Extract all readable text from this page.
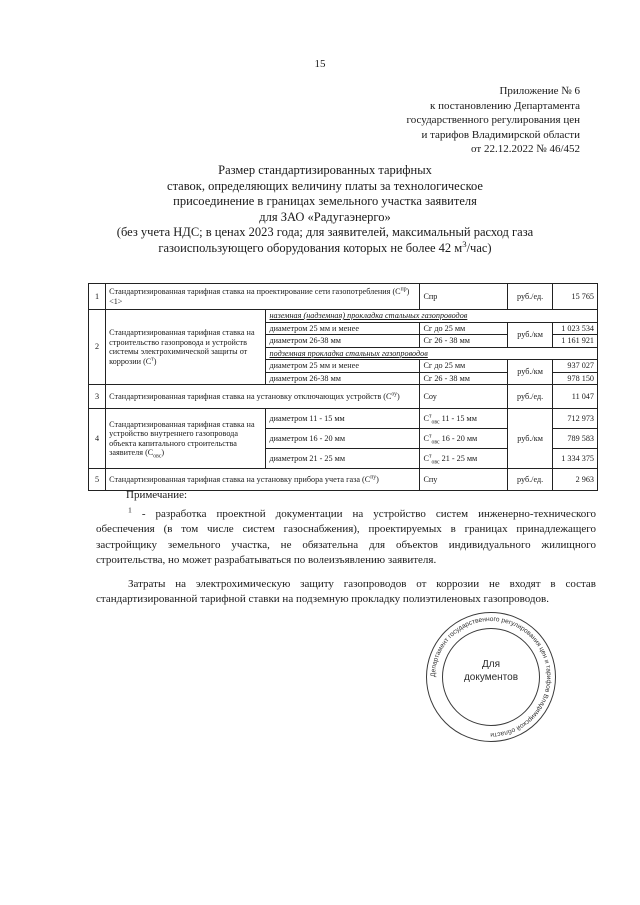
15
Приложение № 6
к постановлению Департамента
государственного регулирования цен
и тарифов Владимирской области
от 22.12.2022 № 46/452
Размер стандартизированных тарифных
ставок, определяющих величину платы за технологическое
присоединение в границах земельного участка заявителя
для ЗАО «Радугаэнерго»
(без учета НДС; в ценах 2023 года; для заявителей, максимальный расход газа
газоиспользующего оборудования которых не более 42 $м^3/час$)
1	Стандартизированная тарифная ставка на проектирование сети газопотребления $(С^{пр}) <1>$		Спр	руб./ед.	15 765
2	Стандартизированная тарифная ставка на строительство газопровода и устройств системы электрохимической защиты от коррозии $(С^т)$	наземная (надземная) прокладка стальных газопроводов			
		диаметром 25 мм и менее	Сг до 25 мм	руб./км	1 023 534
		диаметром 26-38 мм	Сг 26 - 38 мм		1 161 921
		подземная прокладка стальных газопроводов			
		диаметром 25 мм и менее	Сг до 25 мм	руб./км	937 027
		диаметром 26-38 мм	Сг 26 - 38 мм		978 150
3	Стандартизированная тарифная ставка на установку отключающих устройств $(С^{оу})$		Соу	руб./ед.	11 047
4	Стандартизированная тарифная ставка на устройство внутреннего газопровода объекта капитального строительства заявителя $(С_{овс})$	диаметром 11 - 15 мм	$С^т_{овс}$ 11 - 15 мм	руб./км	712 973
		диаметром 16 - 20 мм	$С^т_{овс}$ 16 - 20 мм		789 583
		диаметром 21 - 25 мм	$С^т_{овс}$ 21 - 25 мм		1 334 375
5	Стандартизированная тарифная ставка на установку прибора учета газа $(С^{пу})$		Спу	руб./ед.	2 963
Примечание:

$^1$ - разработка проектной документации на устройство систем инженерно-технического обеспечения (в том числе систем газоснабжения), проектируемых в границах принадлежащего застройщику земельного участка, не обязательна для объектов индивидуального жилищного строительства, но может разрабатываться по волеизъявлению заявителя.

Затраты на электрохимическую защиту газопроводов от коррозии не входят в состав стандартизированной тарифной ставки на подземную прокладку полиэтиленовых газопроводов.

Департамент государственного регулирования цен и тарифов Владимирской области
Для
документов
